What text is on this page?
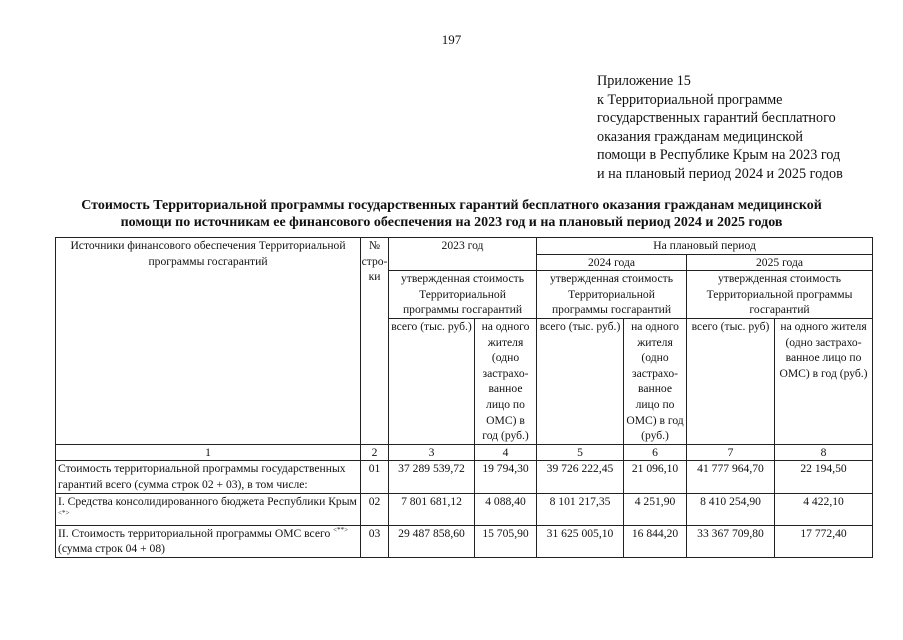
197
Приложение 15
к Территориальной программе
государственных гарантий бесплатного
оказания гражданам медицинской
помощи в Республике Крым на 2023 год
и на плановый период 2024 и 2025 годов
Стоимость Территориальной программы государственных гарантий бесплатного оказания гражданам медицинской
помощи по источникам ее финансового обеспечения на 2023 год и на плановый период 2024 и 2025 годов
Источники финансового обеспечения Территориальной программы госгарантий	№ стро-ки	2023 год		На плановый период			
				2024 года		2025 года	
		утвержденная стоимость Территориальной программы госгарантий		утвержденная стоимость Территориальной программы госгарантий		утвержденная стоимость Территориальной программы госгарантий	
		всего (тыс. руб.)	на одного жителя (одно застрахо-ванное лицо по ОМС) в год (руб.)	всего (тыс. руб.)	на одного жителя (одно застрахо-ванное лицо по ОМС) в год (руб.)	всего (тыс. руб)	на одного жителя (одно застрахо-ванное лицо по ОМС) в год (руб.)
1	2	3	4	5	6	7	8
Стоимость территориальной программы государственных гарантий всего (сумма строк 02 + 03), в том числе:	01	37 289 539,72	19 794,30	39 726 222,45	21 096,10	41 777 964,70	22 194,50
I. Средства консолидированного бюджета Республики Крым <*>	02	7 801 681,12	4 088,40	8 101 217,35	4 251,90	8 410 254,90	4 422,10
II. Стоимость территориальной программы ОМС всего <**> (сумма строк 04 + 08)	03	29 487 858,60	15 705,90	31 625 005,10	16 844,20	33 367 709,80	17 772,40
